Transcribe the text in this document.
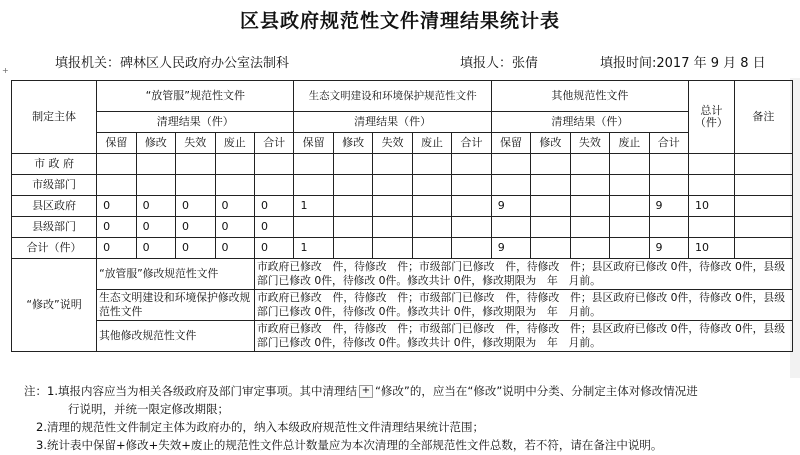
区县政府规范性文件清理结果统计表
填报机关：碑林区人民政府办公室法制科	填报人：张倩	填报时间:2017 年 9 月 8 日
+
制定主体	“放管服”规范性文件					生态文明建设和环境保护规范性文件					其他规范性文件					总计（件）	备注
	清理结果（件）					清理结果（件）					清理结果（件）						
	保留	修改	失效	废止	合计	保留	修改	失效	废止	合计	保留	修改	失效	废止	合计		
市 政 府																	
市级部门																	
县区政府	0	0	0	0	0	1					9				9	10	
县级部门	0	0	0	0	0												
合计（件）	0	0	0	0	0	1					9				9	10	
“修改”说明	“放管服”修改规范性文件				市政府已修改　件，待修改　件；市级部门已修改　件，待修改　件；县区政府已修改 0件，待修改 0件，县级部门已修改 0件，待修改 0件。修改共计 0件，修改期限为　年　月前。												
	生态文明建设和环境保护修改规范性文件				市政府已修改　件，待修改　件；市级部门已修改　件，待修改　件；县区政府已修改 0件，待修改 0件，县级部门已修改 0件，待修改 0件。修改共计 0件，修改期限为　年　月前。												
	其他修改规范性文件				市政府已修改　件，待修改　件；市级部门已修改　件，待修改　件；县区政府已修改 0件，待修改 0件，县级部门已修改 0件，待修改 0件。修改共计 0件，修改期限为　年　月前。												
注：1.填报内容应当为相关各级政府及部门审定事项。其中清理结 + “修改”的，应当在“修改”说明中分类、分制定主体对修改情况进
行说明，并统一限定修改期限；
2.清理的规范性文件制定主体为政府办的，纳入本级政府规范性文件清理结果统计范围；
3.统计表中保留+修改+失效+废止的规范性文件总计数量应为本次清理的全部规范性文件总数，若不符，请在备注中说明。
